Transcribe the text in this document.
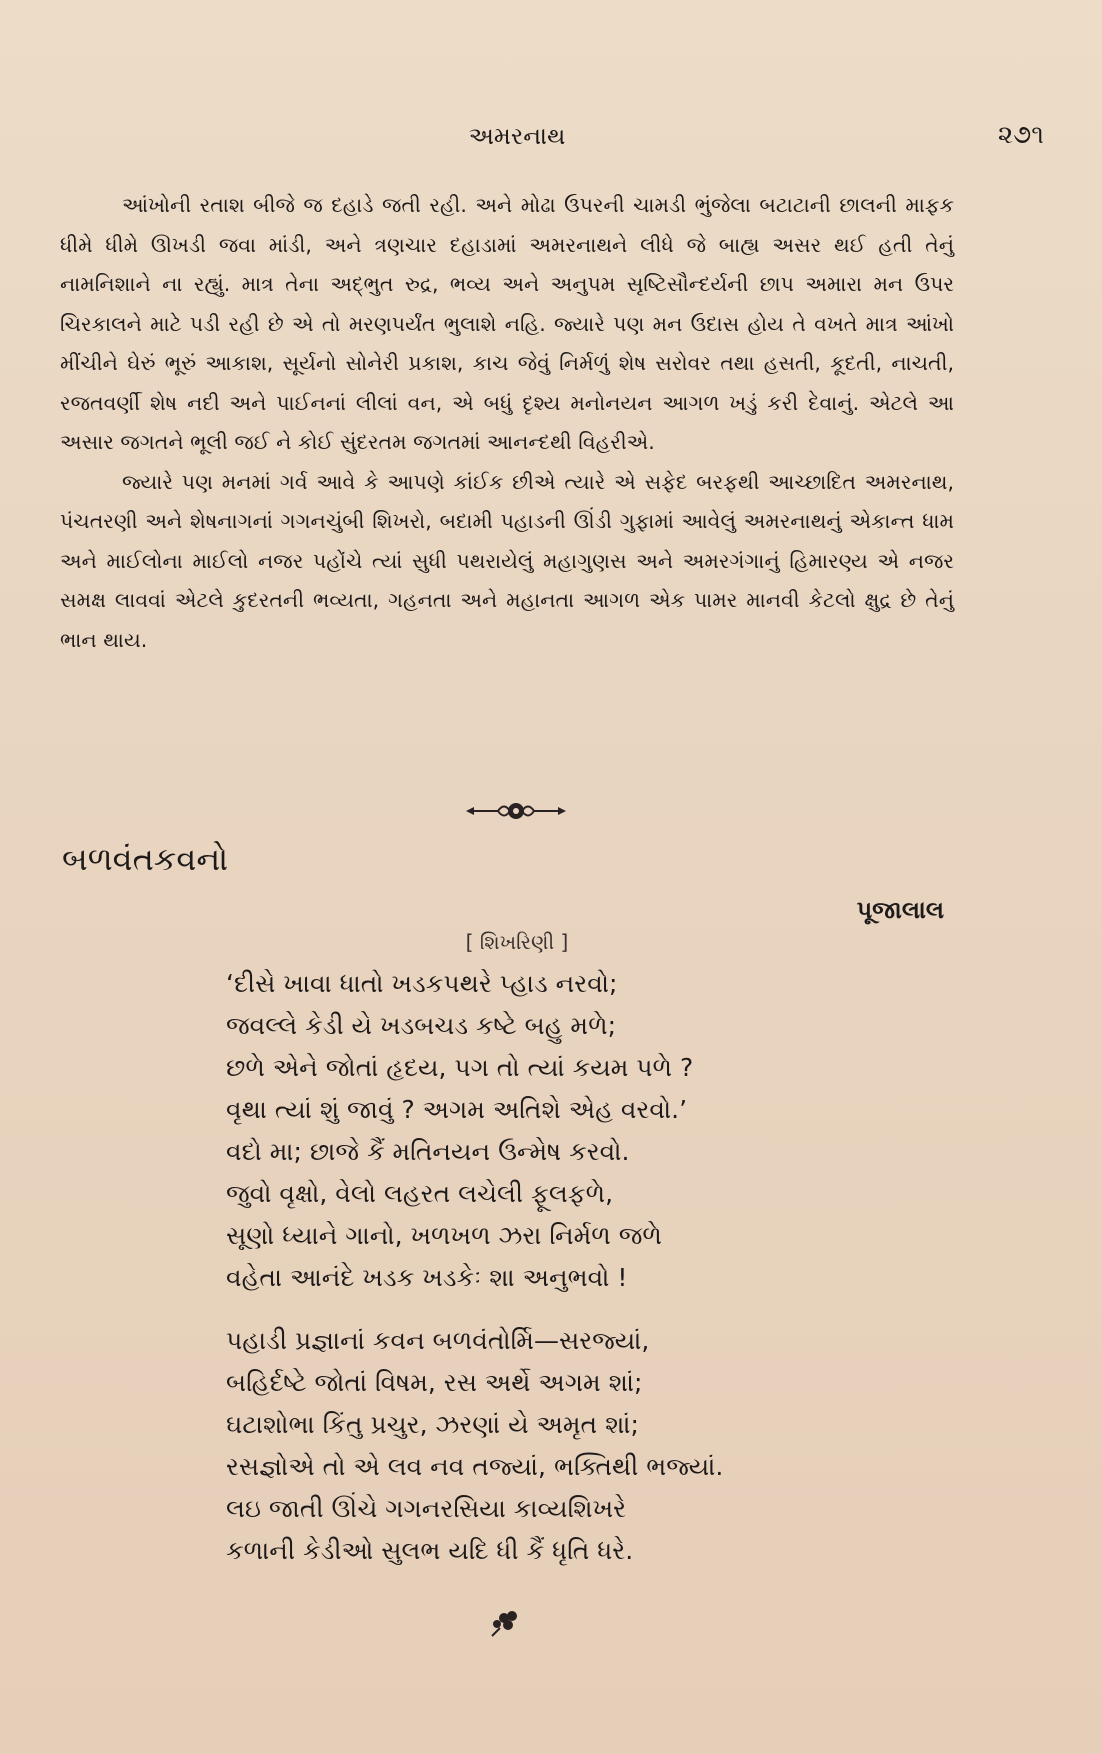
અમરનાથ	૨૭૧

આંખોની રતાશ બીજે જ દહાડે જતી રહી. અને મોઢા ઉપરની ચામડી ભુંજેલા બટાટાની છાલની માફક ધીમે ધીમે ઊખડી જવા માંડી, અને ત્રણચાર દહાડામાં અમરનાથને લીધે જે બાહ્ય અસર થઈ હતી તેનું નામનિશાને ના રહ્યું. માત્ર તેના અદ્ભુત રુદ્ર, ભવ્ય અને અનુપમ સૃષ્ટિસૌન્દર્યની છાપ અમારા મન ઉપર ચિરકાલને માટે પડી રહી છે એ તો મરણપર્યંત ભુલાશે નહિ. જ્યારે પણ મન ઉદાસ હોય તે વખતે માત્ર આંખો મીંચીને ઘેરું ભૂરું આકાશ, સૂર્યનો સોનેરી પ્રકાશ, કાચ જેવું નિર્મળું શેષ સરોવર તથા હસતી, કૂદતી, નાચતી, રજતવર્ણી શેષ નદી અને પાઈનનાં લીલાં વન, એ બધું દૃશ્ય મનોનયન આગળ ખડું કરી દેવાનું. એટલે આ અસાર જગતને ભૂલી જઈ ને કોઈ સુંદરતમ જગતમાં આનન્દથી વિહરીએ.

જ્યારે પણ મનમાં ગર્વ આવે કે આપણે કાંઈક છીએ ત્યારે એ સફેદ બરફથી આચ્છાદિત અમરનાથ, પંચતરણી અને શેષનાગનાં ગગનચુંબી શિખરો, બદામી પહાડની ઊંડી ગુફામાં આવેલું અમરનાથનું એકાન્ત ધામ અને માઈલોના માઈલો નજર પહોંચે ત્યાં સુધી પથરાયેલું મહાગુણસ અને અમરગંગાનું હિમારણ્ય એ નજર સમક્ષ લાવવાં એટલે કુદરતની ભવ્યતા, ગહનતા અને મહાનતા આગળ એક પામર માનવી કેટલો ક્ષુદ્ર છે તેનું ભાન થાય.

બળવંતકવનો
પૂજાલાલ
[ શિખરિણી ]
‘દીસે ખાવા ધાતો ખડકપથરે પ્હાડ નરવો;
જવલ્લે કેડી યે ખડબચડ કષ્ટે બહુ મળે;
છળે એને જોતાં હૃદય, પગ તો ત્યાં કયમ પળે ?
વૃથા ત્યાં શું જાવું ? અગમ અતિશે એહ વરવો.’
વદો મા; છાજે કૈં મતિનયન ઉન્મેષ કરવો.
જુવો વૃક્ષો, વેલો લહરત લચેલી ફૂલફળે,
સૂણો ધ્યાને ગાનો, ખળખળ ઝરા નિર્મળ જળે
વહેતા આનંદે ખડક ખડકેઃ શા અનુભવો !
પહાડી પ્રજ્ઞાનાં કવન બળવંતોર્મિ—સરજ્યાં,
બહિર્દષ્ટે જોતાં વિષમ, રસ અર્થે અગમ શાં;
ઘટાશોભા કિંતુ પ્રચુર, ઝરણાં યે અમૃત શાં;
રસજ્ઞોએ તો એ લવ નવ તજ્યાં, ભક્તિથી ભજ્યાં.
લઇ જાતી ઊંચે ગગનરસિયા કાવ્યશિખરે
કળાની કેડીઓ સુલભ યદિ ધી કૈં ધૃતિ ધરે.
